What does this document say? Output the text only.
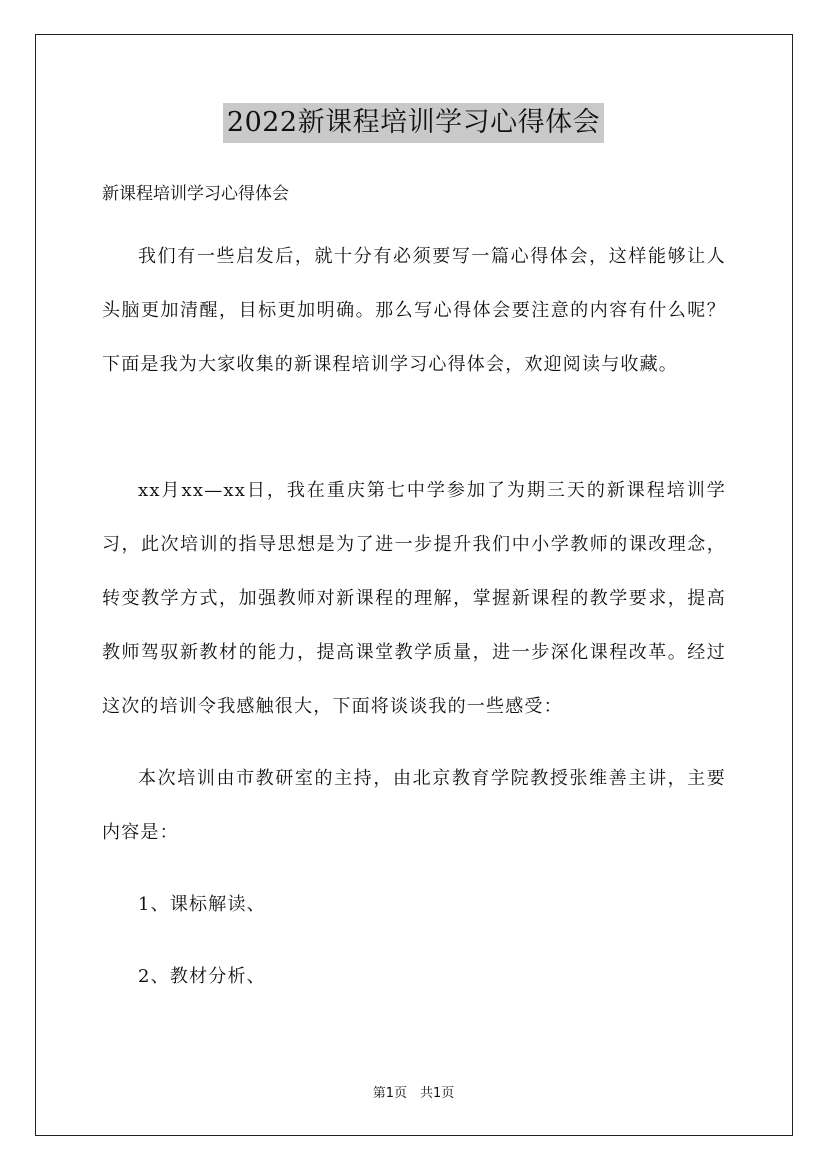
2022新课程培训学习心得体会
新课程培训学习心得体会

我们有一些启发后，就十分有必须要写一篇心得体会，这样能够让人头脑更加清醒，目标更加明确。那么写心得体会要注意的内容有什么呢？下面是我为大家收集的新课程培训学习心得体会，欢迎阅读与收藏。

xx月xx—xx日，我在重庆第七中学参加了为期三天的新课程培训学习，此次培训的指导思想是为了进一步提升我们中小学教师的课改理念，转变教学方式，加强教师对新课程的理解，掌握新课程的教学要求，提高教师驾驭新教材的能力，提高课堂教学质量，进一步深化课程改革。经过这次的培训令我感触很大，下面将谈谈我的一些感受：

本次培训由市教研室的主持，由北京教育学院教授张维善主讲，主要内容是：

1、课标解读、
2、教材分析、
第1页　共1页
